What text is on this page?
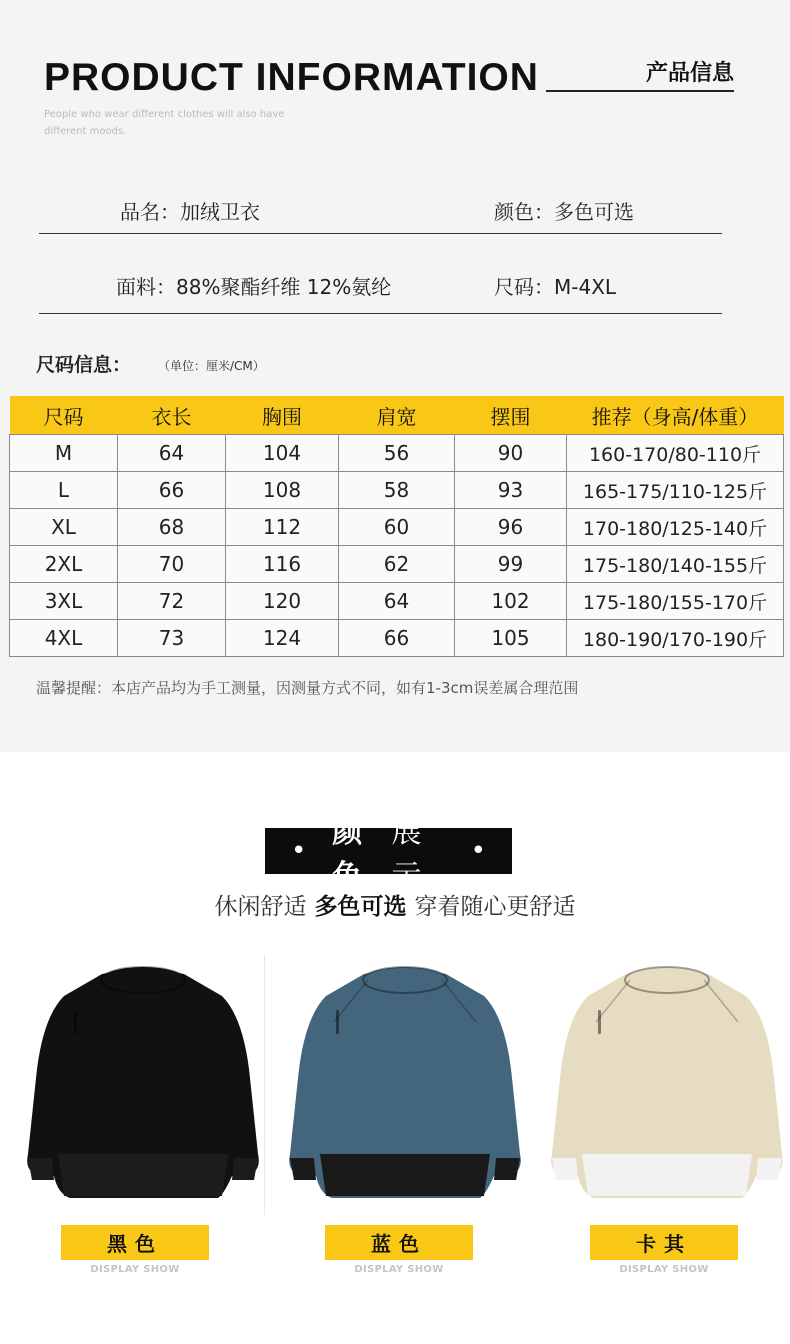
PRODUCT INFORMATION
People who wear different clothes will also have different moods.
产品信息
品名：加绒卫衣	颜色：多色可选
面料：88%聚酯纤维 12%氨纶	尺码：M-4XL
尺码信息： （单位：厘米/CM）
尺码	衣长	胸围	肩宽	摆围	推荐（身高/体重）
M	64	104	56	90	160-170/80-110斤
L	66	108	58	93	165-175/110-125斤
XL	68	112	60	96	170-180/125-140斤
2XL	70	116	62	99	175-180/140-155斤
3XL	72	120	64	102	175-180/155-170斤
4XL	73	124	66	105	180-190/170-190斤
温馨提醒：本店产品均为手工测量，因测量方式不同，如有1-3cm误差属合理范围
•
颜色
展示
•
休闲舒适 多色可选 穿着随心更舒适
黑色	蓝色	卡其
DISPLAY SHOW	DISPLAY SHOW	DISPLAY SHOW
